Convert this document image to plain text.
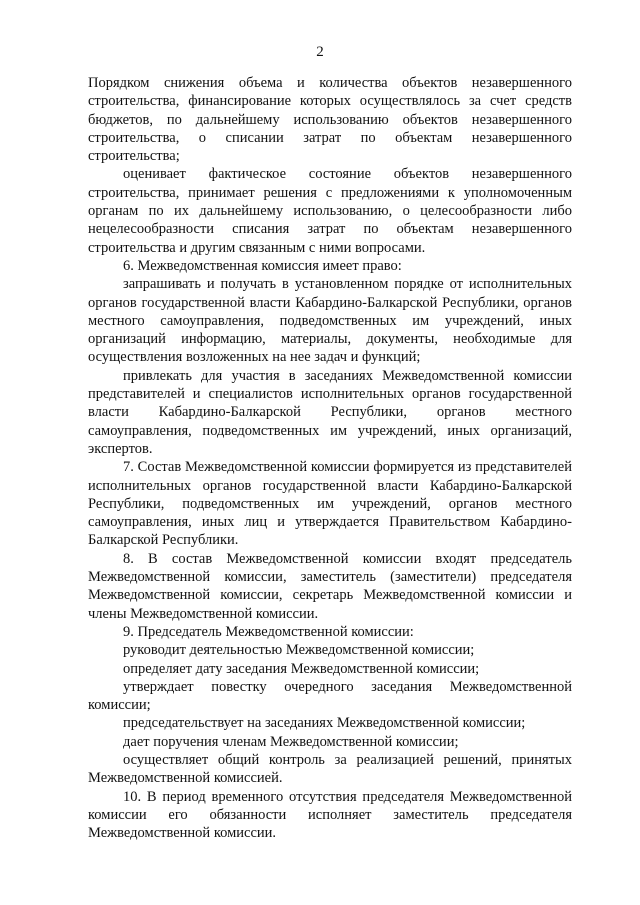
2

Порядком снижения объема и количества объектов незавершенного строительства, финансирование которых осуществлялось за счет средств бюджетов, по дальнейшему использованию объектов незавершенного строительства, о списании затрат по объектам незавершенного строительства;

оценивает фактическое состояние объектов незавершенного строительства, принимает решения с предложениями к уполномоченным органам по их дальнейшему использованию, о целесообразности либо нецелесообразности списания затрат по объектам незавершенного строительства и другим связанным с ними вопросами.

6. Межведомственная комиссия имеет право:

запрашивать и получать в установленном порядке от исполнительных органов государственной власти Кабардино-Балкарской Республики, органов местного самоуправления, подведомственных им учреждений, иных организаций информацию, материалы, документы, необходимые для осуществления возложенных на нее задач и функций;

привлекать для участия в заседаниях Межведомственной комиссии представителей и специалистов исполнительных органов государственной власти Кабардино-Балкарской Республики, органов местного самоуправления, подведомственных им учреждений, иных организаций, экспертов.

7. Состав Межведомственной комиссии формируется из представителей исполнительных органов государственной власти Кабардино-Балкарской Республики, подведомственных им учреждений, органов местного самоуправления, иных лиц и утверждается Правительством Кабардино-Балкарской Республики.

8. В состав Межведомственной комиссии входят председатель Межведомственной комиссии, заместитель (заместители) председателя Межведомственной комиссии, секретарь Межведомственной комиссии и члены Межведомственной комиссии.

9. Председатель Межведомственной комиссии:

руководит деятельностью Межведомственной комиссии;

определяет дату заседания Межведомственной комиссии;

утверждает повестку очередного заседания Межведомственной комиссии;

председательствует на заседаниях Межведомственной комиссии;

дает поручения членам Межведомственной комиссии;

осуществляет общий контроль за реализацией решений, принятых Межведомственной комиссией.

10. В период временного отсутствия председателя Межведомственной комиссии его обязанности исполняет заместитель председателя Межведомственной комиссии.
